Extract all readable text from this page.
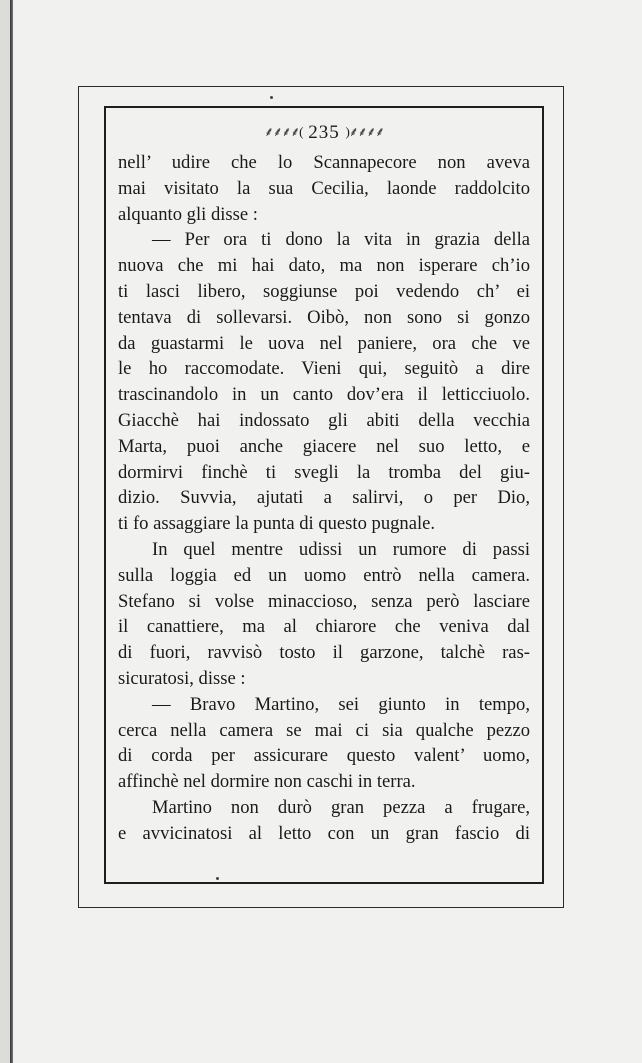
⸙⸙⸙⸙( 235 )⸙⸙⸙⸙
nell’ udire che lo Scannapecore non aveva
mai visitato la sua Cecilia, laonde raddolcito
alquanto gli disse :
— Per ora ti dono la vita in grazia della
nuova che mi hai dato, ma non isperare ch’io
ti lasci libero, soggiunse poi vedendo ch’ ei
tentava di sollevarsi. Oibò, non sono si gonzo
da guastarmi le uova nel paniere, ora che ve
le ho raccomodate. Vieni qui, seguitò a dire
trascinandolo in un canto dov’era il letticciuolo.
Giacchè hai indossato gli abiti della vecchia
Marta, puoi anche giacere nel suo letto, e
dormirvi finchè ti svegli la tromba del giu-
dizio. Suvvia, ajutati a salirvi, o per Dio,
ti fo assaggiare la punta di questo pugnale.
In quel mentre udissi un rumore di passi
sulla loggia ed un uomo entrò nella camera.
Stefano si volse minaccioso, senza però lasciare
il canattiere, ma al chiarore che veniva dal
di fuori, ravvisò tosto il garzone, talchè ras-
sicuratosi, disse :
— Bravo Martino, sei giunto in tempo,
cerca nella camera se mai ci sia qualche pezzo
di corda per assicurare questo valent’ uomo,
affinchè nel dormire non caschi in terra.
Martino non durò gran pezza a frugare,
e avvicinatosi al letto con un gran fascio di
